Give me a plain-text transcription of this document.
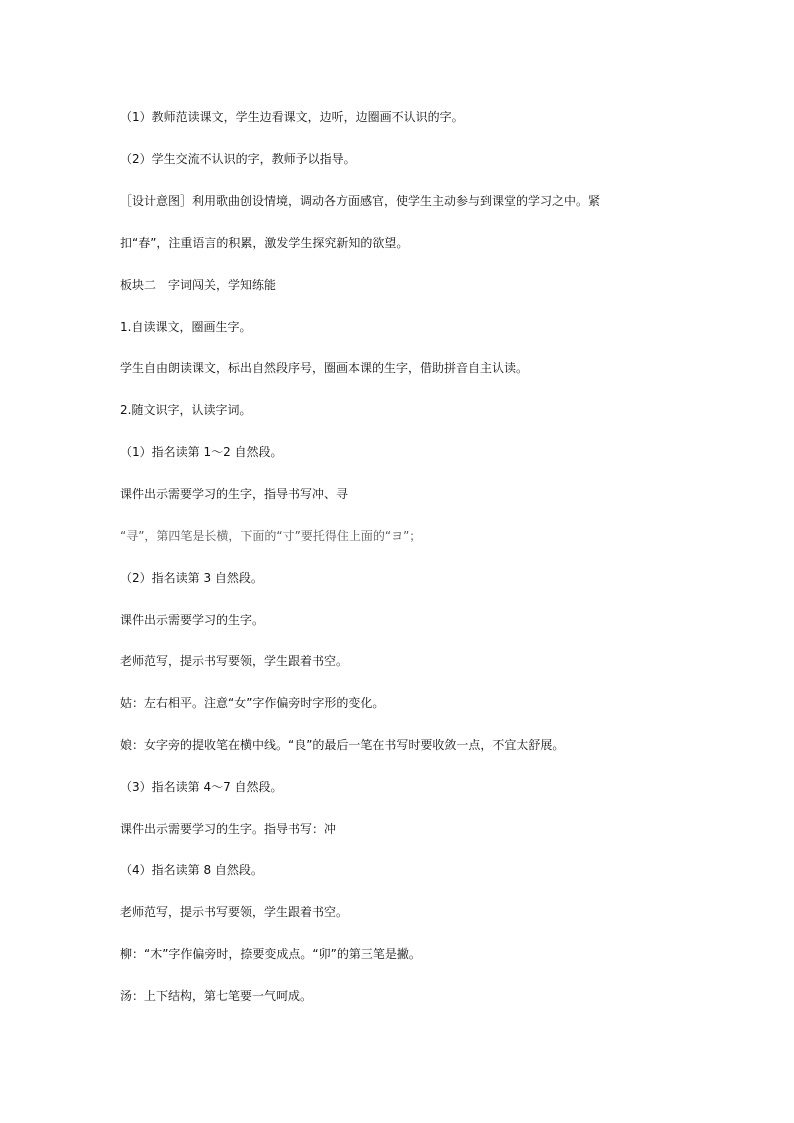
（1）教师范读课文，学生边看课文，边听，边圈画不认识的字。
（2）学生交流不认识的字，教师予以指导。
［设计意图］利用歌曲创设情境，调动各方面感官，使学生主动参与到课堂的学习之中。紧
扣“春”，注重语言的积累，激发学生探究新知的欲望。
板块二　字词闯关，学知练能
1.自读课文，圈画生字。
学生自由朗读课文，标出自然段序号，圈画本课的生字，借助拼音自主认读。
2.随文识字，认读字词。
（1）指名读第 1～2 自然段。
课件出示需要学习的生字，指导书写冲、寻
“寻”，第四笔是长横，下面的“寸”要托得住上面的“ヨ”；
（2）指名读第 3 自然段。
课件出示需要学习的生字。
老师范写，提示书写要领，学生跟着书空。
姑：左右相平。注意“女”字作偏旁时字形的变化。
娘：女字旁的提收笔在横中线。“良”的最后一笔在书写时要收敛一点，不宜太舒展。
（3）指名读第 4～7 自然段。
课件出示需要学习的生字。指导书写：冲
（4）指名读第 8 自然段。
老师范写，提示书写要领，学生跟着书空。
柳：“木”字作偏旁时，捺要变成点。“卯”的第三笔是撇。
汤：上下结构，第七笔要一气呵成。
